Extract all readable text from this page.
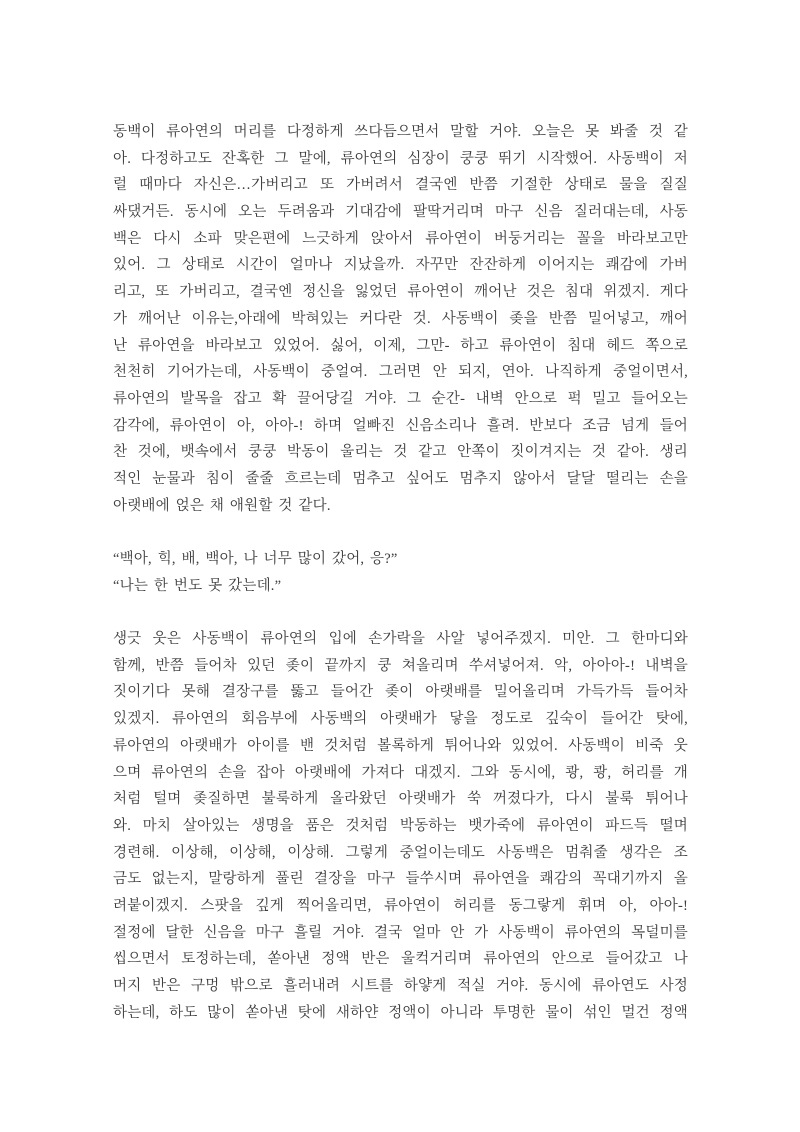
동백이 류아연의 머리를 다정하게 쓰다듬으면서 말할 거야. 오늘은 못 봐줄 것 같
아. 다정하고도 잔혹한 그 말에, 류아연의 심장이 쿵쿵 뛰기 시작했어. 사동백이 저
럴 때마다 자신은…가버리고 또 가버려서 결국엔 반쯤 기절한 상태로 물을 질질
싸댔거든. 동시에 오는 두려움과 기대감에 팔딱거리며 마구 신음 질러대는데, 사동
백은 다시 소파 맞은편에 느긋하게 앉아서 류아연이 버둥거리는 꼴을 바라보고만
있어. 그 상태로 시간이 얼마나 지났을까. 자꾸만 잔잔하게 이어지는 쾌감에 가버
리고, 또 가버리고, 결국엔 정신을 잃었던 류아연이 깨어난 것은 침대 위겠지. 게다
가 깨어난 이유는,아래에 박혀있는 커다란 것. 사동백이 좆을 반쯤 밀어넣고, 깨어
난 류아연을 바라보고 있었어. 싫어, 이제, 그만- 하고 류아연이 침대 헤드 쪽으로
천천히 기어가는데, 사동백이 중얼여. 그러면 안 되지, 연아. 나직하게 중얼이면서,
류아연의 발목을 잡고 확 끌어당길 거야. 그 순간- 내벽 안으로 퍽 밀고 들어오는
감각에, 류아연이 아, 아아-! 하며 얼빠진 신음소리나 흘려. 반보다 조금 넘게 들어
찬 것에, 뱃속에서 쿵쿵 박동이 울리는 것 같고 안쪽이 짓이겨지는 것 같아. 생리
적인 눈물과 침이 줄줄 흐르는데 멈추고 싶어도 멈추지 않아서 달달 떨리는 손을
아랫배에 얹은 채 애원할 것 같다.
“백아, 힉, 배, 백아, 나 너무 많이 갔어, 응?”
“나는 한 번도 못 갔는데.”
생긋 웃은 사동백이 류아연의 입에 손가락을 사알 넣어주겠지. 미안. 그 한마디와
함께, 반쯤 들어차 있던 좆이 끝까지 쿵 쳐올리며 쑤셔넣어져. 악, 아아아-! 내벽을
짓이기다 못해 결장구를 뚫고 들어간 좆이 아랫배를 밀어올리며 가득가득 들어차
있겠지. 류아연의 회음부에 사동백의 아랫배가 닿을 정도로 깊숙이 들어간 탓에,
류아연의 아랫배가 아이를 밴 것처럼 볼록하게 튀어나와 있었어. 사동백이 비죽 웃
으며 류아연의 손을 잡아 아랫배에 가져다 대겠지. 그와 동시에, 쾅, 쾅, 허리를 개
처럼 털며 좆질하면 불룩하게 올라왔던 아랫배가 쑥 꺼졌다가, 다시 불룩 튀어나
와. 마치 살아있는 생명을 품은 것처럼 박동하는 뱃가죽에 류아연이 파드득 떨며
경련해. 이상해, 이상해, 이상해. 그렇게 중얼이는데도 사동백은 멈춰줄 생각은 조
금도 없는지, 말랑하게 풀린 결장을 마구 들쑤시며 류아연을 쾌감의 꼭대기까지 올
려붙이겠지. 스팟을 깊게 찍어올리면, 류아연이 허리를 동그랗게 휘며 아, 아아-!
절정에 달한 신음을 마구 흘릴 거야. 결국 얼마 안 가 사동백이 류아연의 목덜미를
씹으면서 토정하는데, 쏟아낸 정액 반은 울컥거리며 류아연의 안으로 들어갔고 나
머지 반은 구멍 밖으로 흘러내려 시트를 하얗게 적실 거야. 동시에 류아연도 사정
하는데, 하도 많이 쏟아낸 탓에 새하얀 정액이 아니라 투명한 물이 섞인 멀건 정액
